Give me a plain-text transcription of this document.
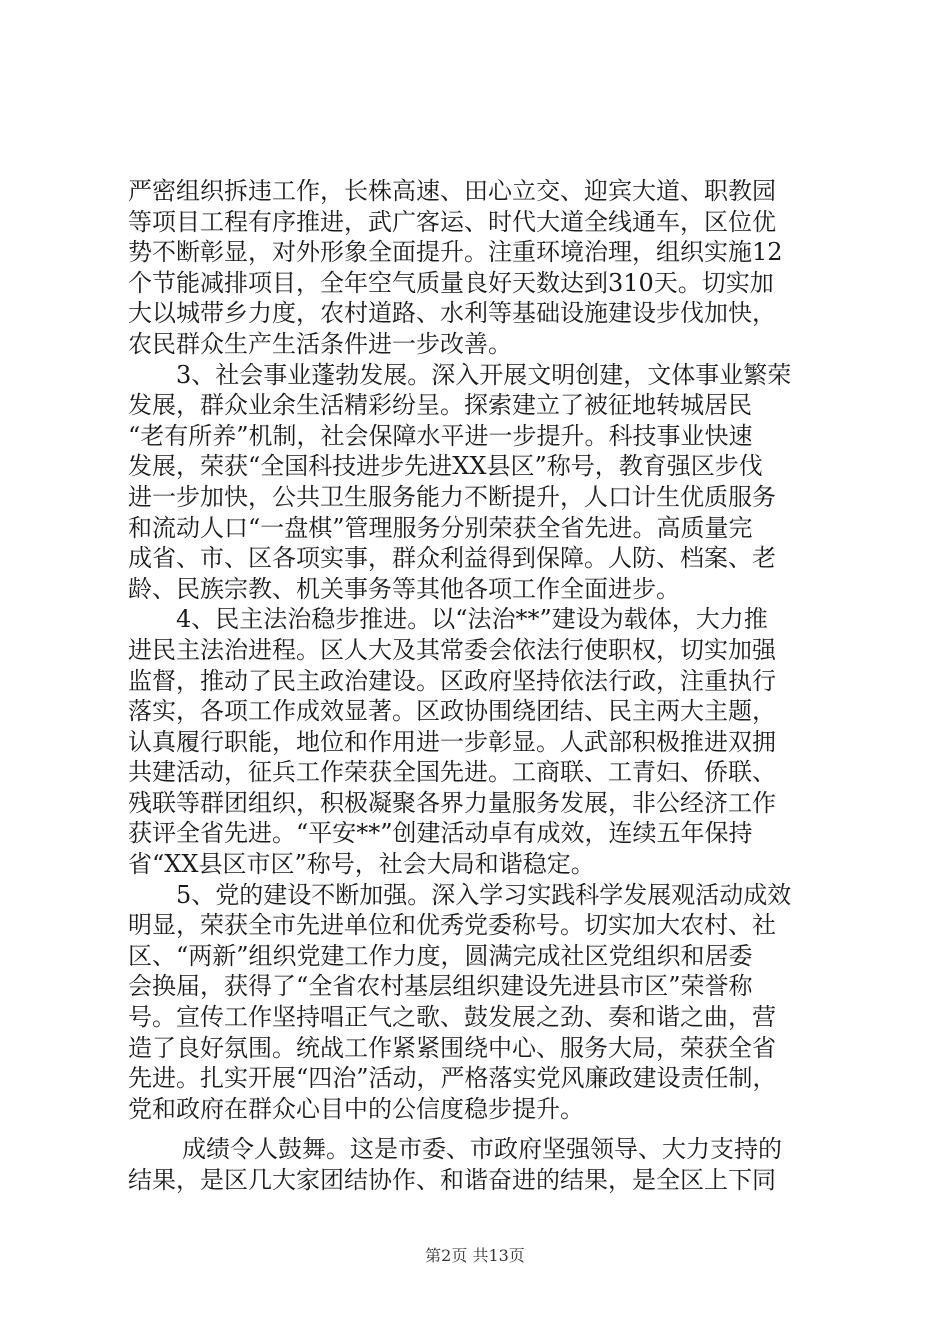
严密组织拆违工作，长株高速、田心立交、迎宾大道、职教园
等项目工程有序推进，武广客运、时代大道全线通车，区位优
势不断彰显，对外形象全面提升。注重环境治理，组织实施12
个节能减排项目，全年空气质量良好天数达到310天。切实加
大以城带乡力度，农村道路、水利等基础设施建设步伐加快，
农民群众生产生活条件进一步改善。

3、社会事业蓬勃发展。深入开展文明创建，文体事业繁荣
发展，群众业余生活精彩纷呈。探索建立了被征地转城居民
“老有所养”机制，社会保障水平进一步提升。科技事业快速
发展，荣获“全国科技进步先进XX县区”称号，教育强区步伐
进一步加快，公共卫生服务能力不断提升，人口计生优质服务
和流动人口“一盘棋”管理服务分别荣获全省先进。高质量完
成省、市、区各项实事，群众利益得到保障。人防、档案、老
龄、民族宗教、机关事务等其他各项工作全面进步。

4、民主法治稳步推进。以“法治**”建设为载体，大力推
进民主法治进程。区人大及其常委会依法行使职权，切实加强
监督，推动了民主政治建设。区政府坚持依法行政，注重执行
落实，各项工作成效显著。区政协围绕团结、民主两大主题，
认真履行职能，地位和作用进一步彰显。人武部积极推进双拥
共建活动，征兵工作荣获全国先进。工商联、工青妇、侨联、
残联等群团组织，积极凝聚各界力量服务发展，非公经济工作
获评全省先进。“平安**”创建活动卓有成效，连续五年保持
省“XX县区市区”称号，社会大局和谐稳定。

5、党的建设不断加强。深入学习实践科学发展观活动成效
明显，荣获全市先进单位和优秀党委称号。切实加大农村、社
区、“两新”组织党建工作力度，圆满完成社区党组织和居委
会换届，获得了“全省农村基层组织建设先进县市区”荣誉称
号。宣传工作坚持唱正气之歌、鼓发展之劲、奏和谐之曲，营
造了良好氛围。统战工作紧紧围绕中心、服务大局，荣获全省
先进。扎实开展“四治”活动，严格落实党风廉政建设责任制，
党和政府在群众心目中的公信度稳步提升。

成绩令人鼓舞。这是市委、市政府坚强领导、大力支持的
结果，是区几大家团结协作、和谐奋进的结果，是全区上下同

第2页 共13页
